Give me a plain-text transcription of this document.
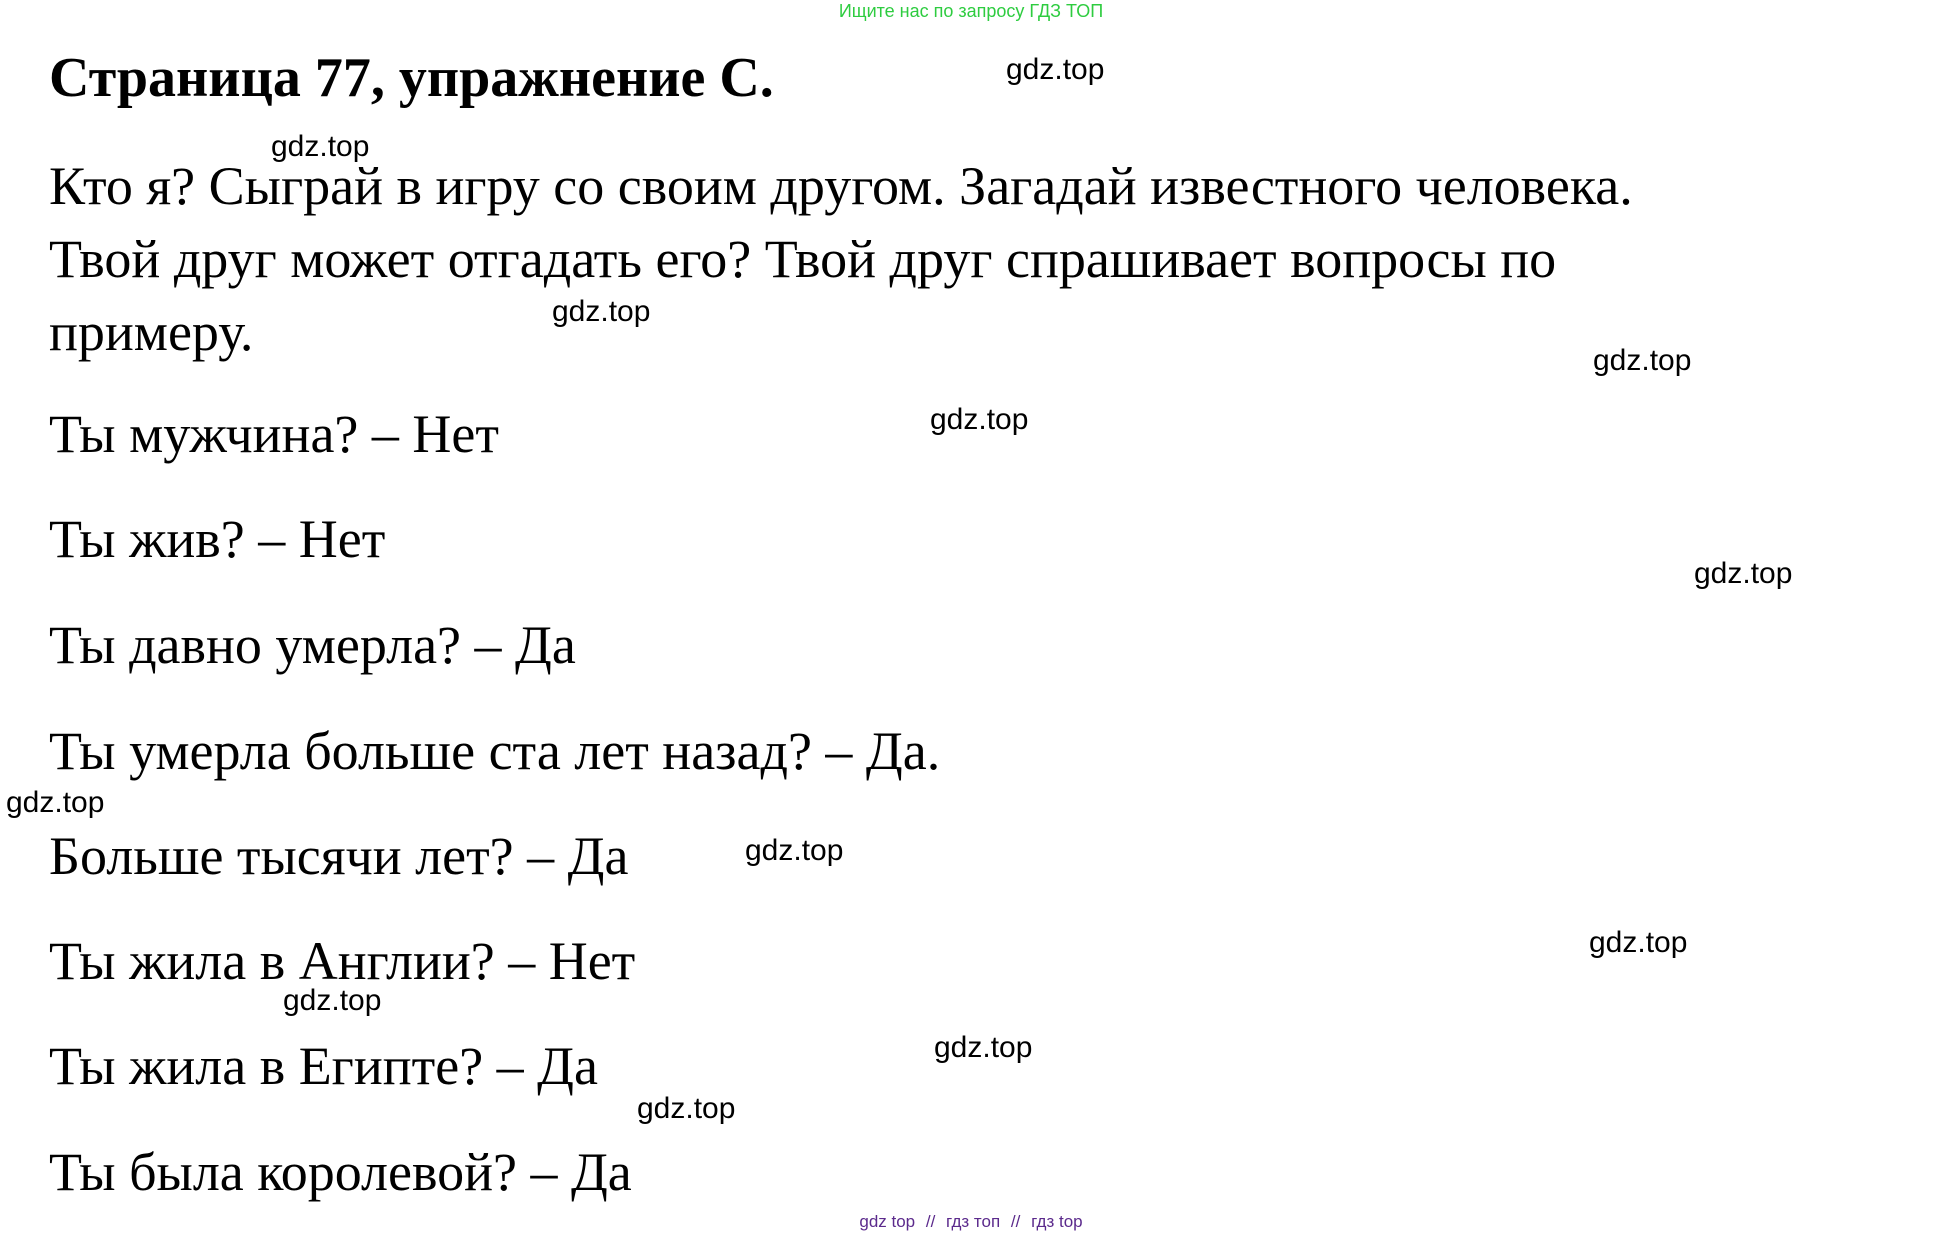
Ищите нас по запросу ГДЗ ТОП
Страница 77, упражнение C.

Кто я? Сыграй в игру со своим другом. Загадай известного человека.
Твой друг может отгадать его? Твой друг спрашивает вопросы по
примеру.

Ты мужчина? – Нет

Ты жив? – Нет

Ты давно умерла? – Да

Ты умерла больше ста лет назад? – Да.

Больше тысячи лет? – Да

Ты жила в Англии? – Нет

Ты жила в Египте? – Да

Ты была королевой? – Да

gdz.top
gdz.top
gdz.top
gdz.top
gdz.top
gdz.top
gdz.top
gdz.top
gdz.top
gdz.top
gdz.top
gdz.top
gdz top // гдз топ // гдз top
